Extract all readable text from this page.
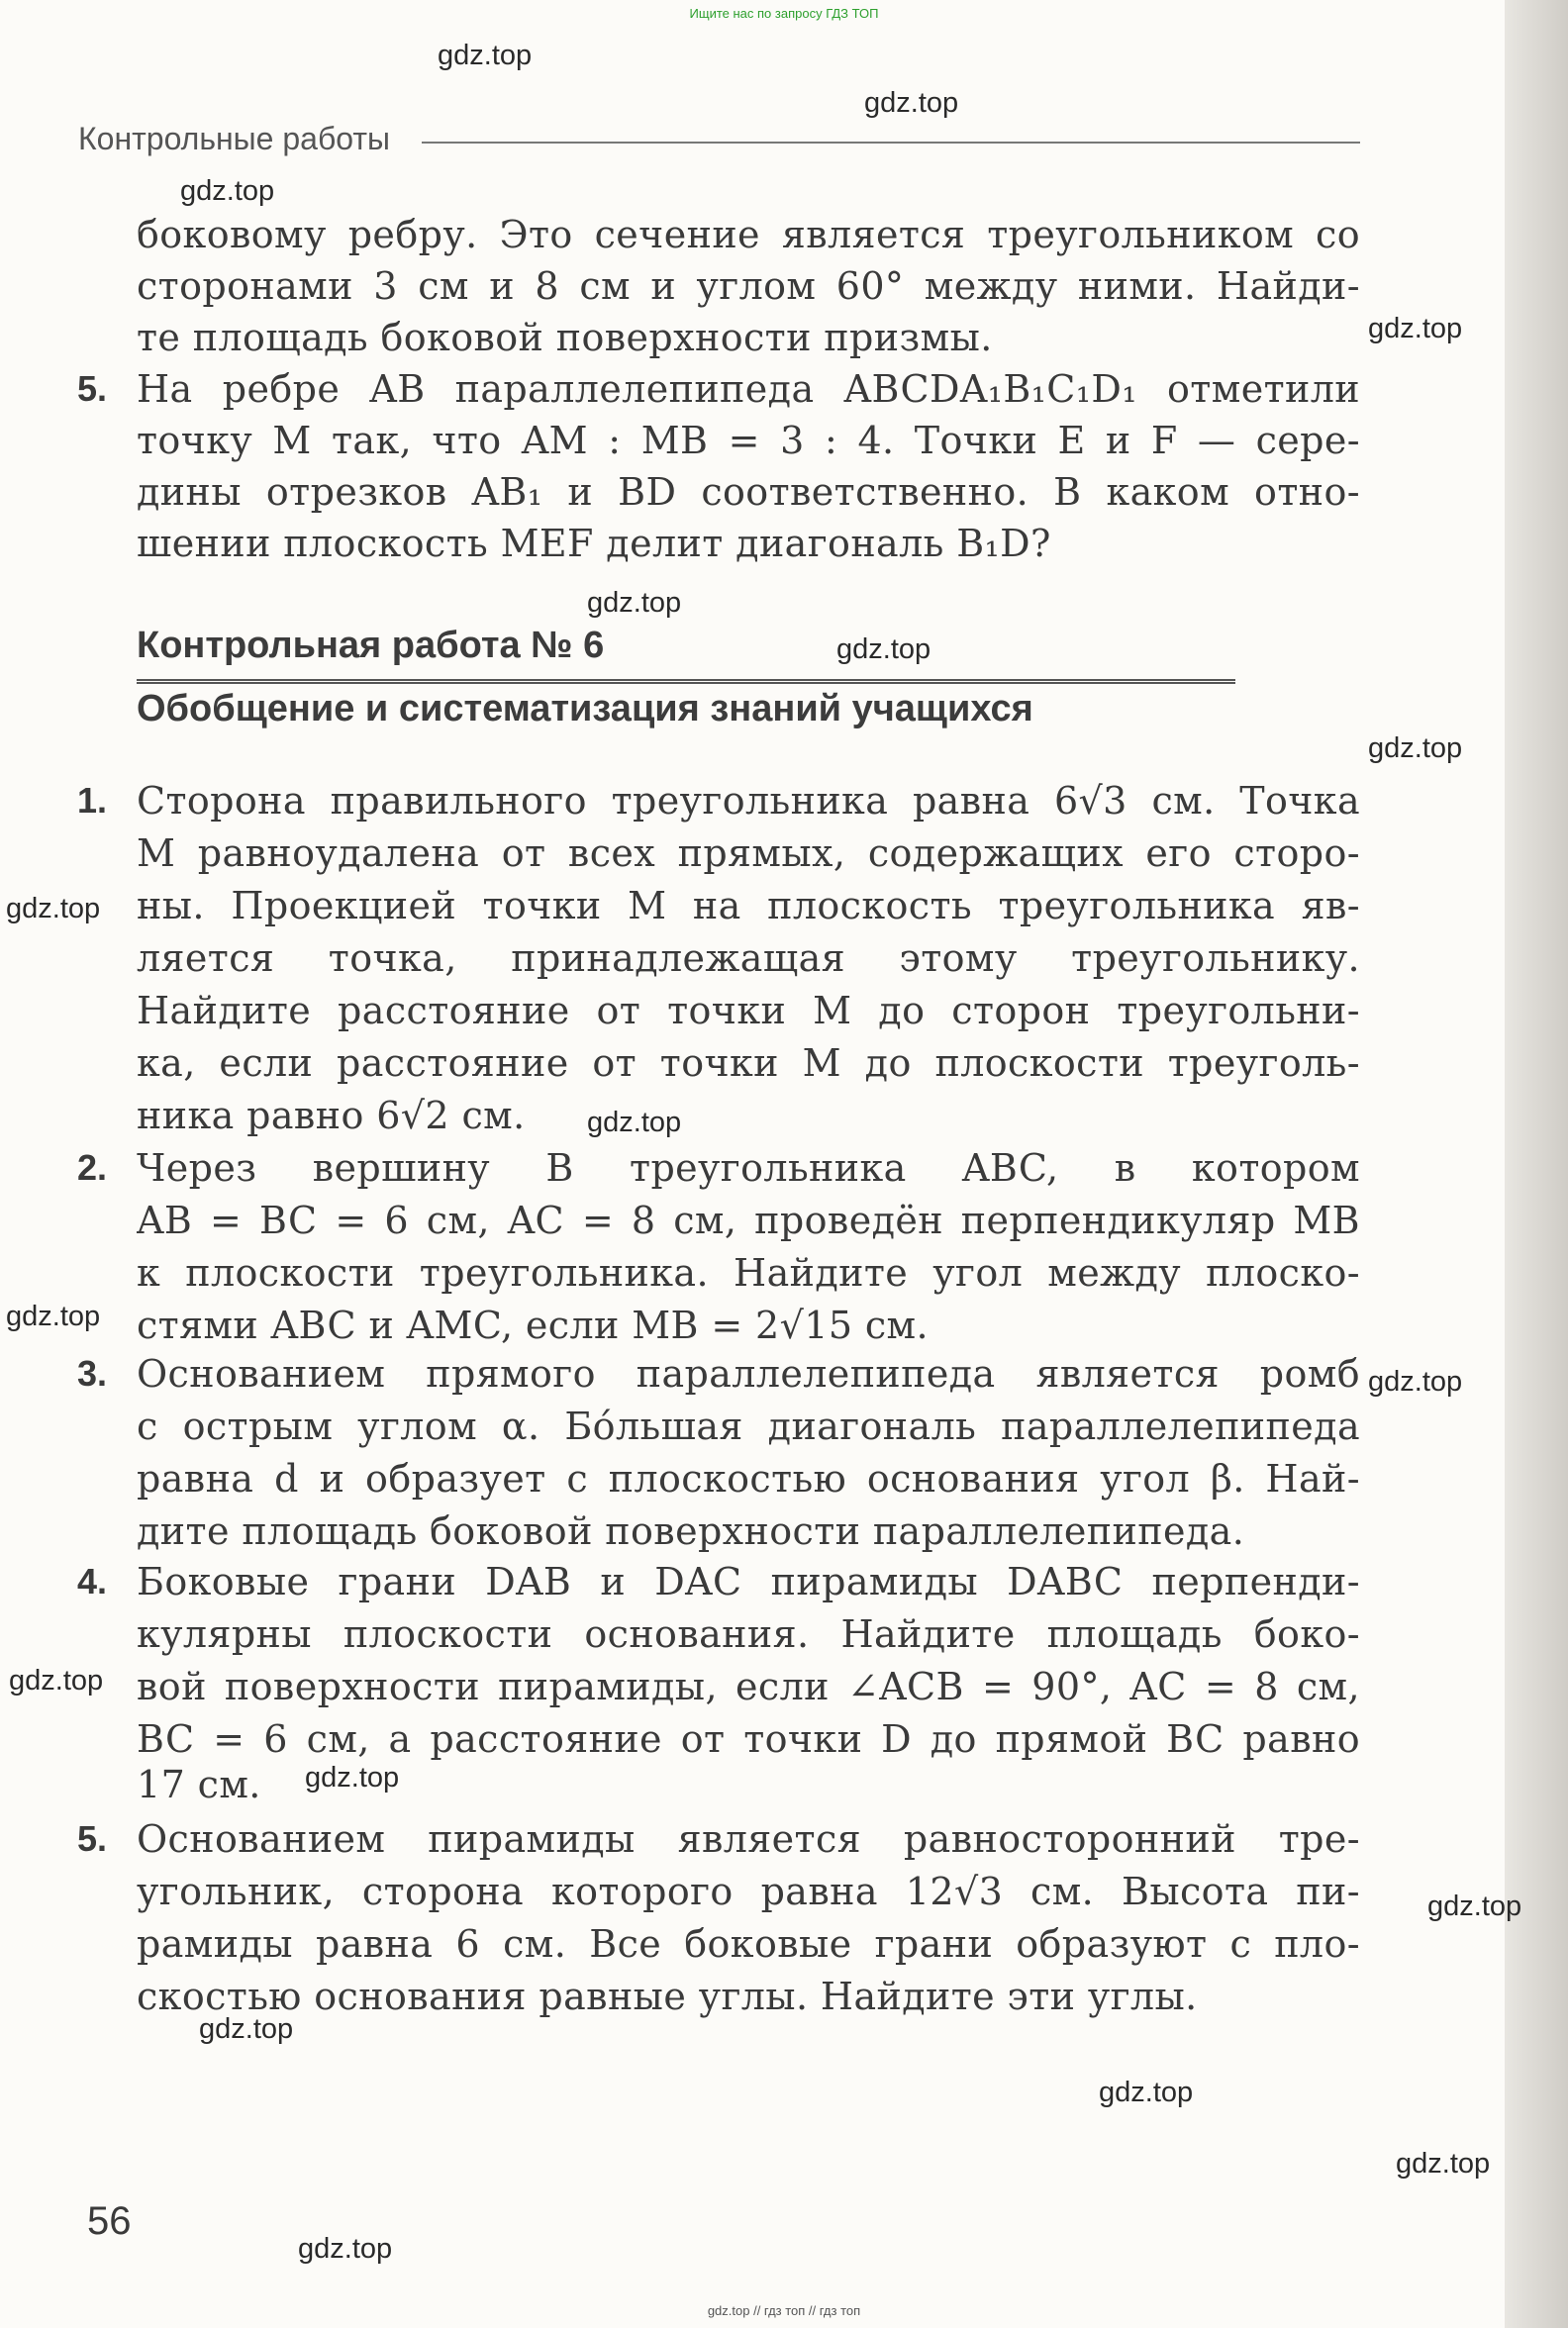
Ищите нас по запросу ГДЗ ТОП
Контрольные работы
gdz.top
gdz.top
gdz.top
gdz.top
gdz.top
gdz.top
gdz.top
gdz.top
gdz.top
gdz.top
gdz.top
gdz.top
gdz.top
gdz.top
gdz.top
gdz.top
gdz.top
gdz.top
боковому ребру. Это сечение является треугольником со
сторонами 3 см и 8 см и углом 60° между ними. Найди-
те площадь боковой поверхности призмы.
5. На ребре AB параллелепипеда ABCDA₁B₁C₁D₁ отметили
точку M так, что AM : MB = 3 : 4. Точки E и F — сере-
дины отрезков AB₁ и BD соответственно. В каком отно-
шении плоскость MEF делит диагональ B₁D?
Контрольная работа № 6
Обобщение и систематизация знаний учащихся
1. Сторона правильного треугольника равна 6√3 см. Точка
M равноудалена от всех прямых, содержащих его сторо-
ны. Проекцией точки M на плоскость треугольника яв-
ляется точка, принадлежащая этому треугольнику.
Найдите расстояние от точки M до сторон треугольни-
ка, если расстояние от точки M до плоскости треуголь-
ника равно 6√2 см.
2. Через вершину B треугольника ABC, в котором
AB = BC = 6 см, AC = 8 см, проведён перпендикуляр MB
к плоскости треугольника. Найдите угол между плоско-
стями ABC и AMC, если MB = 2√15 см.
3. Основанием прямого параллелепипеда является ромб
с острым углом α. Бо́льшая диагональ параллелепипеда
равна d и образует с плоскостью основания угол β. Най-
дите площадь боковой поверхности параллелепипеда.
4. Боковые грани DAB и DAC пирамиды DABC перпенди-
кулярны плоскости основания. Найдите площадь боко-
вой поверхности пирамиды, если ∠ACB = 90°, AC = 8 см,
BC = 6 см, а расстояние от точки D до прямой BC равно
17 см.
5. Основанием пирамиды является равносторонний тре-
угольник, сторона которого равна 12√3 см. Высота пи-
рамиды равна 6 см. Все боковые грани образуют с пло-
скостью основания равные углы. Найдите эти углы.
56
gdz.top // гдз топ // гдз топ
